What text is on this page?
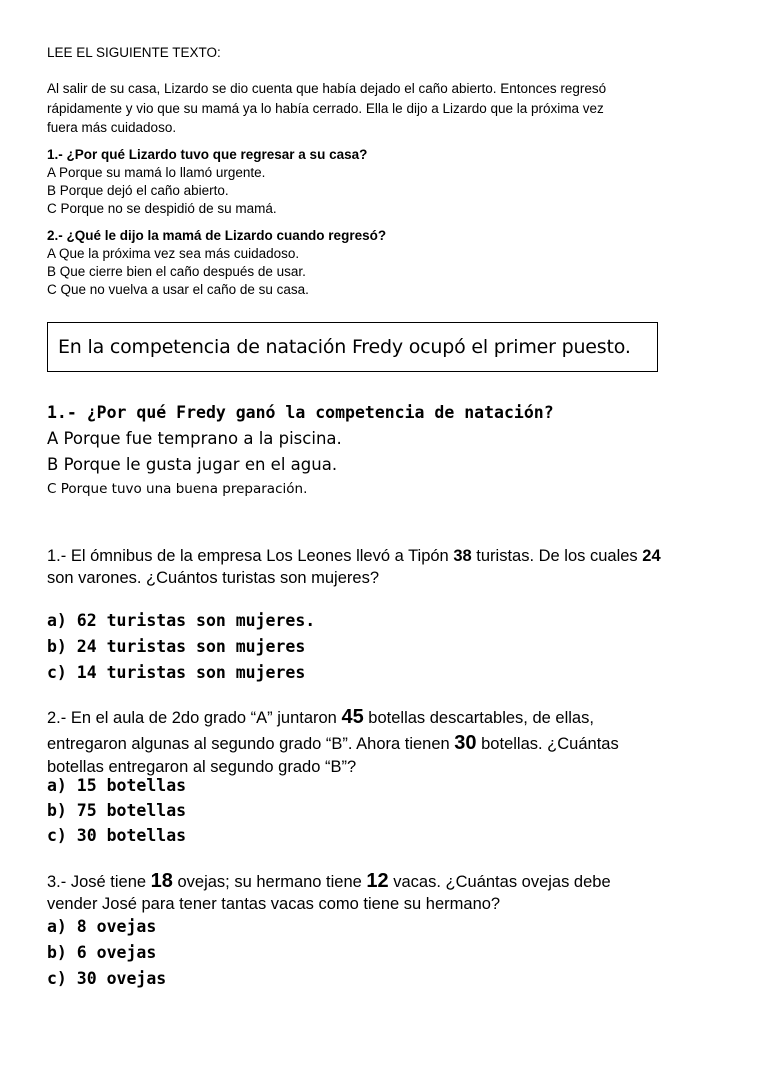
LEE EL SIGUIENTE TEXTO:
Al salir de su casa, Lizardo se dio cuenta que había dejado el caño abierto. Entonces regresó
rápidamente y vio que su mamá ya lo había cerrado. Ella le dijo a Lizardo que la próxima vez
fuera más cuidadoso.
1.- ¿Por qué Lizardo tuvo que regresar a su casa?
A Porque su mamá lo llamó urgente.
B Porque dejó el caño abierto.
C Porque no se despidió de su mamá.
2.- ¿Qué le dijo la mamá de Lizardo cuando regresó?
A Que la próxima vez sea más cuidadoso.
B Que cierre bien el caño después de usar.
C Que no vuelva a usar el caño de su casa.
En la competencia de natación Fredy ocupó el primer puesto.
1.- ¿Por qué Fredy ganó la competencia de natación?
A Porque fue temprano a la piscina.
B Porque le gusta jugar en el agua.
C Porque tuvo una buena preparación.
1.- El ómnibus de la empresa Los Leones llevó a Tipón 38 turistas. De los cuales 24
son varones. ¿Cuántos turistas son mujeres?
a) 62 turistas son mujeres.
b) 24 turistas son mujeres
c) 14 turistas son mujeres
2.- En el aula de 2do grado “A” juntaron 45 botellas descartables, de ellas,
entregaron algunas al segundo grado “B”. Ahora tienen 30 botellas. ¿Cuántas
botellas entregaron al segundo grado “B”?
a) 15 botellas
b) 75 botellas
c) 30 botellas
3.- José tiene 18 ovejas; su hermano tiene 12 vacas. ¿Cuántas ovejas debe
vender José para tener tantas vacas como tiene su hermano?
a) 8 ovejas
b) 6 ovejas
c) 30 ovejas
